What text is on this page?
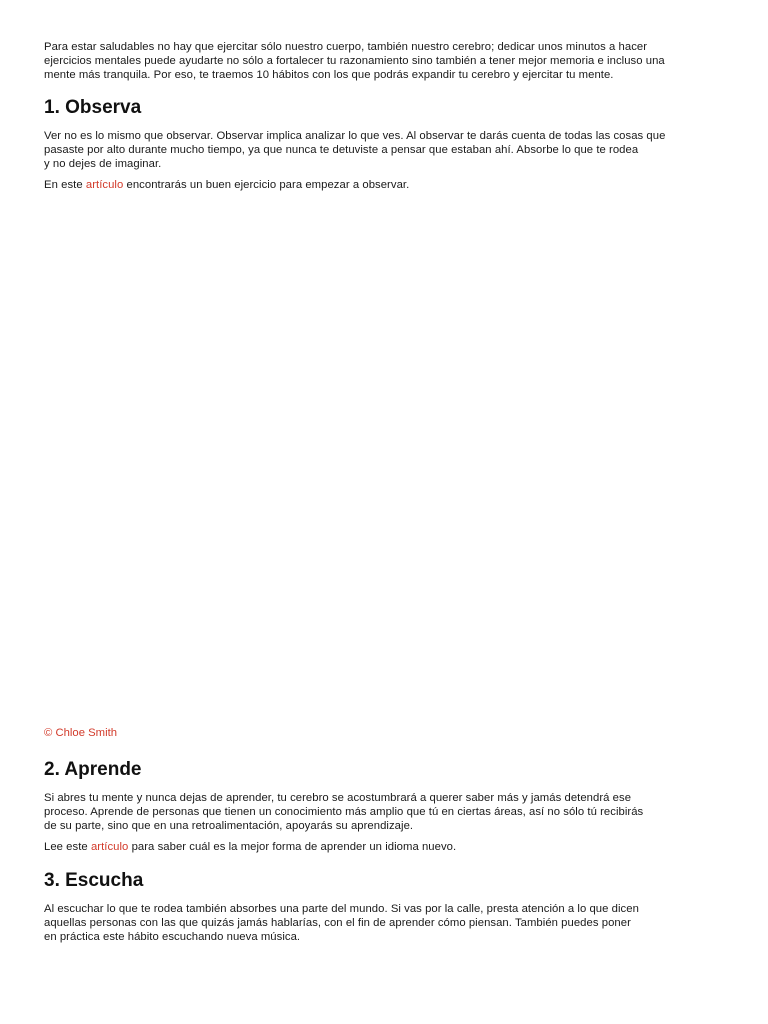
Para estar saludables no hay que ejercitar sólo nuestro cuerpo, también nuestro cerebro; dedicar unos minutos a hacer
ejercicios mentales puede ayudarte no sólo a fortalecer tu razonamiento sino también a tener mejor memoria e incluso una
mente más tranquila. Por eso, te traemos 10 hábitos con los que podrás expandir tu cerebro y ejercitar tu mente.

1. Observa

Ver no es lo mismo que observar. Observar implica analizar lo que ves. Al observar te darás cuenta de todas las cosas que
pasaste por alto durante mucho tiempo, ya que nunca te detuviste a pensar que estaban ahí. Absorbe lo que te rodea
y no dejes de imaginar.

En este artículo encontrarás un buen ejercicio para empezar a observar.

© Chloe Smith
2. Aprende

Si abres tu mente y nunca dejas de aprender, tu cerebro se acostumbrará a querer saber más y jamás detendrá ese
proceso. Aprende de personas que tienen un conocimiento más amplio que tú en ciertas áreas, así no sólo tú recibirás
de su parte, sino que en una retroalimentación, apoyarás su aprendizaje.

Lee este artículo para saber cuál es la mejor forma de aprender un idioma nuevo.

3. Escucha

Al escuchar lo que te rodea también absorbes una parte del mundo. Si vas por la calle, presta atención a lo que dicen
aquellas personas con las que quizás jamás hablarías, con el fin de aprender cómo piensan. También puedes poner
en práctica este hábito escuchando nueva música.
